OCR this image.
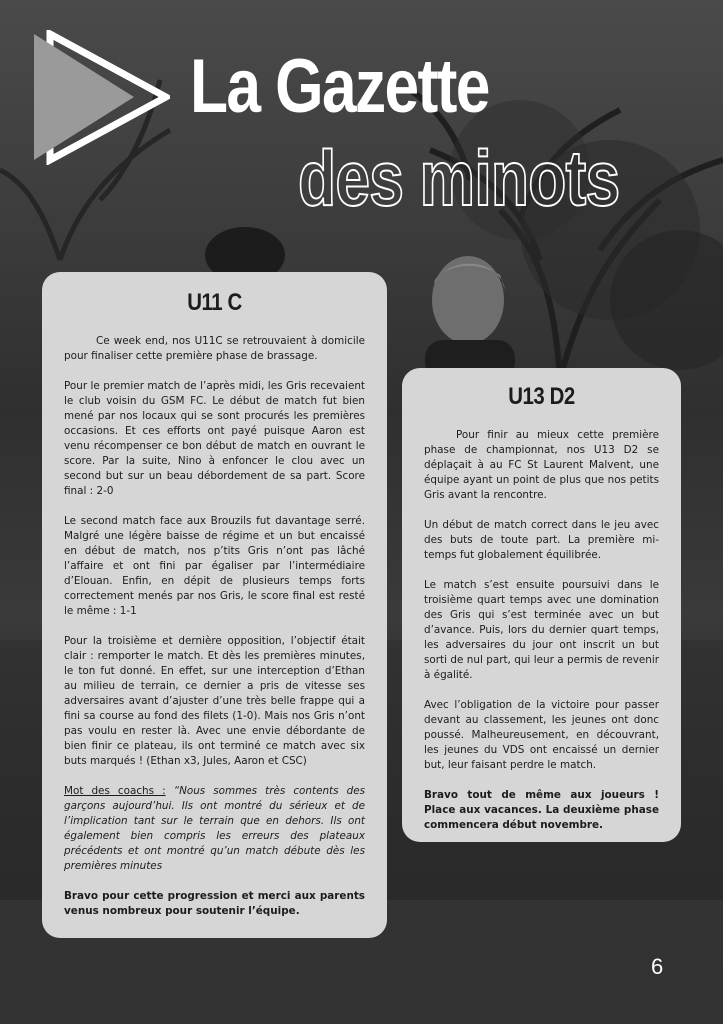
La Gazette
des minots
U11 C

Ce week end, nos U11C se retrouvaient à domicile pour finaliser cette première phase de brassage.

Pour le premier match de l’après midi, les Gris recevaient le club voisin du GSM FC. Le début de match fut bien mené par nos locaux qui se sont procurés les premières occasions. Et ces efforts ont payé puisque Aaron est venu récompenser ce bon début de match en ouvrant le score. Par la suite, Nino à enfoncer le clou avec un second but sur un beau débordement de sa part. Score final : 2-0

Le second match face aux Brouzils fut davantage serré. Malgré une légère baisse de régime et un but encaissé en début de match, nos p’tits Gris n’ont pas lâché l’affaire et ont fini par égaliser par l’intermédiaire d’Elouan. Enfin, en dépit de plusieurs temps forts correctement menés par nos Gris, le score final est resté le même : 1-1

Pour la troisième et dernière opposition, l’objectif était clair : remporter le match. Et dès les premières minutes, le ton fut donné. En effet, sur une interception d’Ethan au milieu de terrain, ce dernier a pris de vitesse ses adversaires avant d’ajuster d’une très belle frappe qui a fini sa course au fond des filets (1-0). Mais nos Gris n’ont pas voulu en rester là. Avec une envie débordante de bien finir ce plateau, ils ont terminé ce match avec six buts marqués ! (Ethan x3, Jules, Aaron et CSC)

Mot des coachs : “Nous sommes très contents des garçons aujourd’hui. Ils ont montré du sérieux et de l’implication tant sur le terrain que en dehors. Ils ont également bien compris les erreurs des plateaux précédents et ont montré qu’un match débute dès les premières minutes

Bravo pour cette progression et merci aux parents venus nombreux pour soutenir l’équipe.

U13 D2

Pour finir au mieux cette première phase de championnat, nos U13 D2 se déplaçait à au FC St Laurent Malvent, une équipe ayant un point de plus que nos petits Gris avant la rencontre.

Un début de match correct dans le jeu avec des buts de toute part. La première mi-temps fut globalement équilibrée.

Le match s’est ensuite poursuivi dans le troisième quart temps avec une domination des Gris qui s’est terminée avec un but d’avance. Puis, lors du dernier quart temps, les adversaires du jour ont inscrit un but sorti de nul part, qui leur a permis de revenir à égalité.

Avec l’obligation de la victoire pour passer devant au classement, les jeunes ont donc poussé. Malheureusement, en découvrant, les jeunes du VDS ont encaissé un dernier but, leur faisant perdre le match.

Bravo tout de même aux joueurs ! Place aux vacances. La deuxième phase commencera début novembre.

6
